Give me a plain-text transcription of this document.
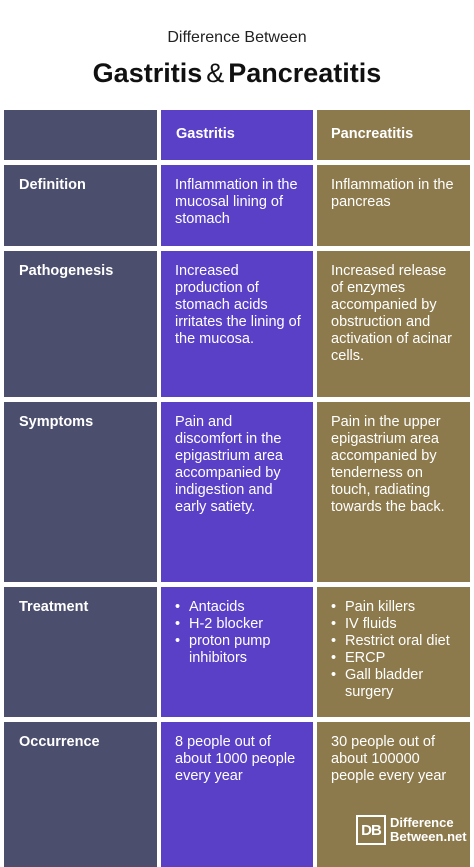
Difference Between
Gastritis & Pancreatitis
Gastritis	Pancreatitis
Definition	Inflammation in the mucosal lining of stomach
Inflammation in the pancreas
Pathogenesis	Increased production of stomach acids irritates the lining of the mucosa.
Increased release of enzymes accompanied by obstruction and activation of acinar cells.
Symptoms	Pain and discomfort in the epigastrium area accompanied by indigestion and early satiety.
Pain in the upper epigastrium area accompanied by tenderness on touch, radiating towards the back.
Treatment
•	Antacids
• H-2 blocker
• proton pump inhibitors
• Pain killers
• IV fluids
• Restrict oral diet
• ERCP
• Gall bladder surgery
Occurrence	8 people out of about 1000 people every year
30 people out of about 100000 people every year
DB Difference
Between.net
